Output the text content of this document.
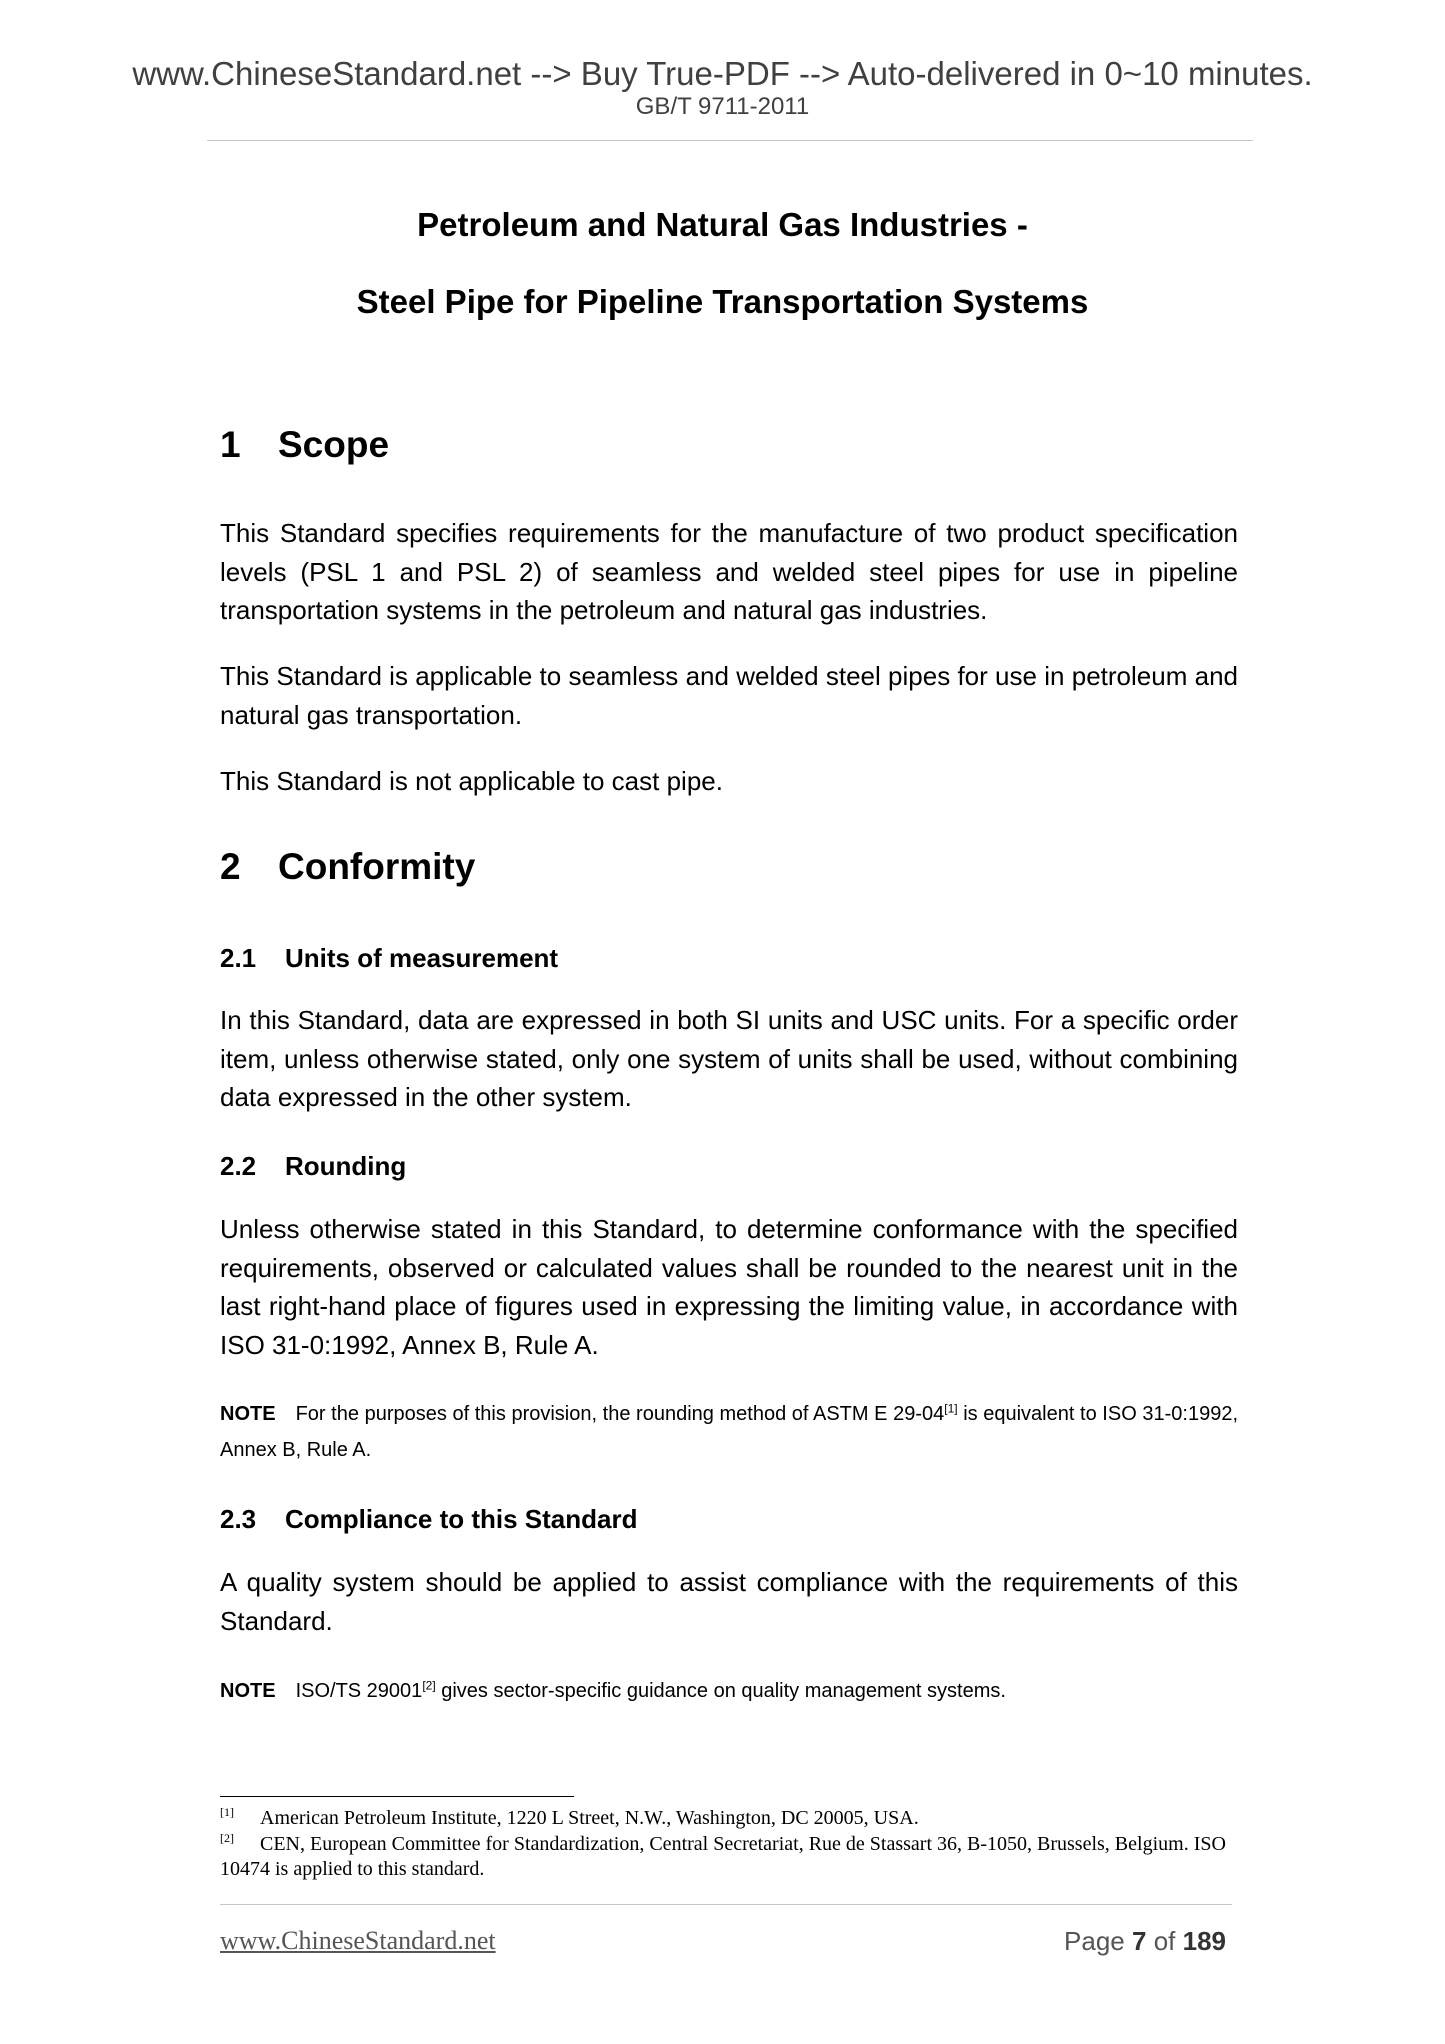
www.ChineseStandard.net --> Buy True-PDF --> Auto-delivered in 0~10 minutes.
GB/T 9711-2011
Petroleum and Natural Gas Industries -
Steel Pipe for Pipeline Transportation Systems
1 Scope
This Standard specifies requirements for the manufacture of two product specification levels (PSL 1 and PSL 2) of seamless and welded steel pipes for use in pipeline transportation systems in the petroleum and natural gas industries.
This Standard is applicable to seamless and welded steel pipes for use in petroleum and natural gas transportation.
This Standard is not applicable to cast pipe.
2 Conformity
2.1 Units of measurement
In this Standard, data are expressed in both SI units and USC units. For a specific order item, unless otherwise stated, only one system of units shall be used, without combining data expressed in the other system.
2.2 Rounding
Unless otherwise stated in this Standard, to determine conformance with the specified requirements, observed or calculated values shall be rounded to the nearest unit in the last right-hand place of figures used in expressing the limiting value, in accordance with ISO 31-0:1992, Annex B, Rule A.
NOTE For the purposes of this provision, the rounding method of ASTM E 29-04[1] is equivalent to ISO 31-0:1992, Annex B, Rule A.
2.3 Compliance to this Standard
A quality system should be applied to assist compliance with the requirements of this Standard.
NOTE ISO/TS 29001[2] gives sector-specific guidance on quality management systems.
[1] American Petroleum Institute, 1220 L Street, N.W., Washington, DC 20005, USA.
[2] CEN, European Committee for Standardization, Central Secretariat, Rue de Stassart 36, B-1050, Brussels, Belgium. ISO 10474 is applied to this standard.
www.ChineseStandard.net	Page 7 of 189
